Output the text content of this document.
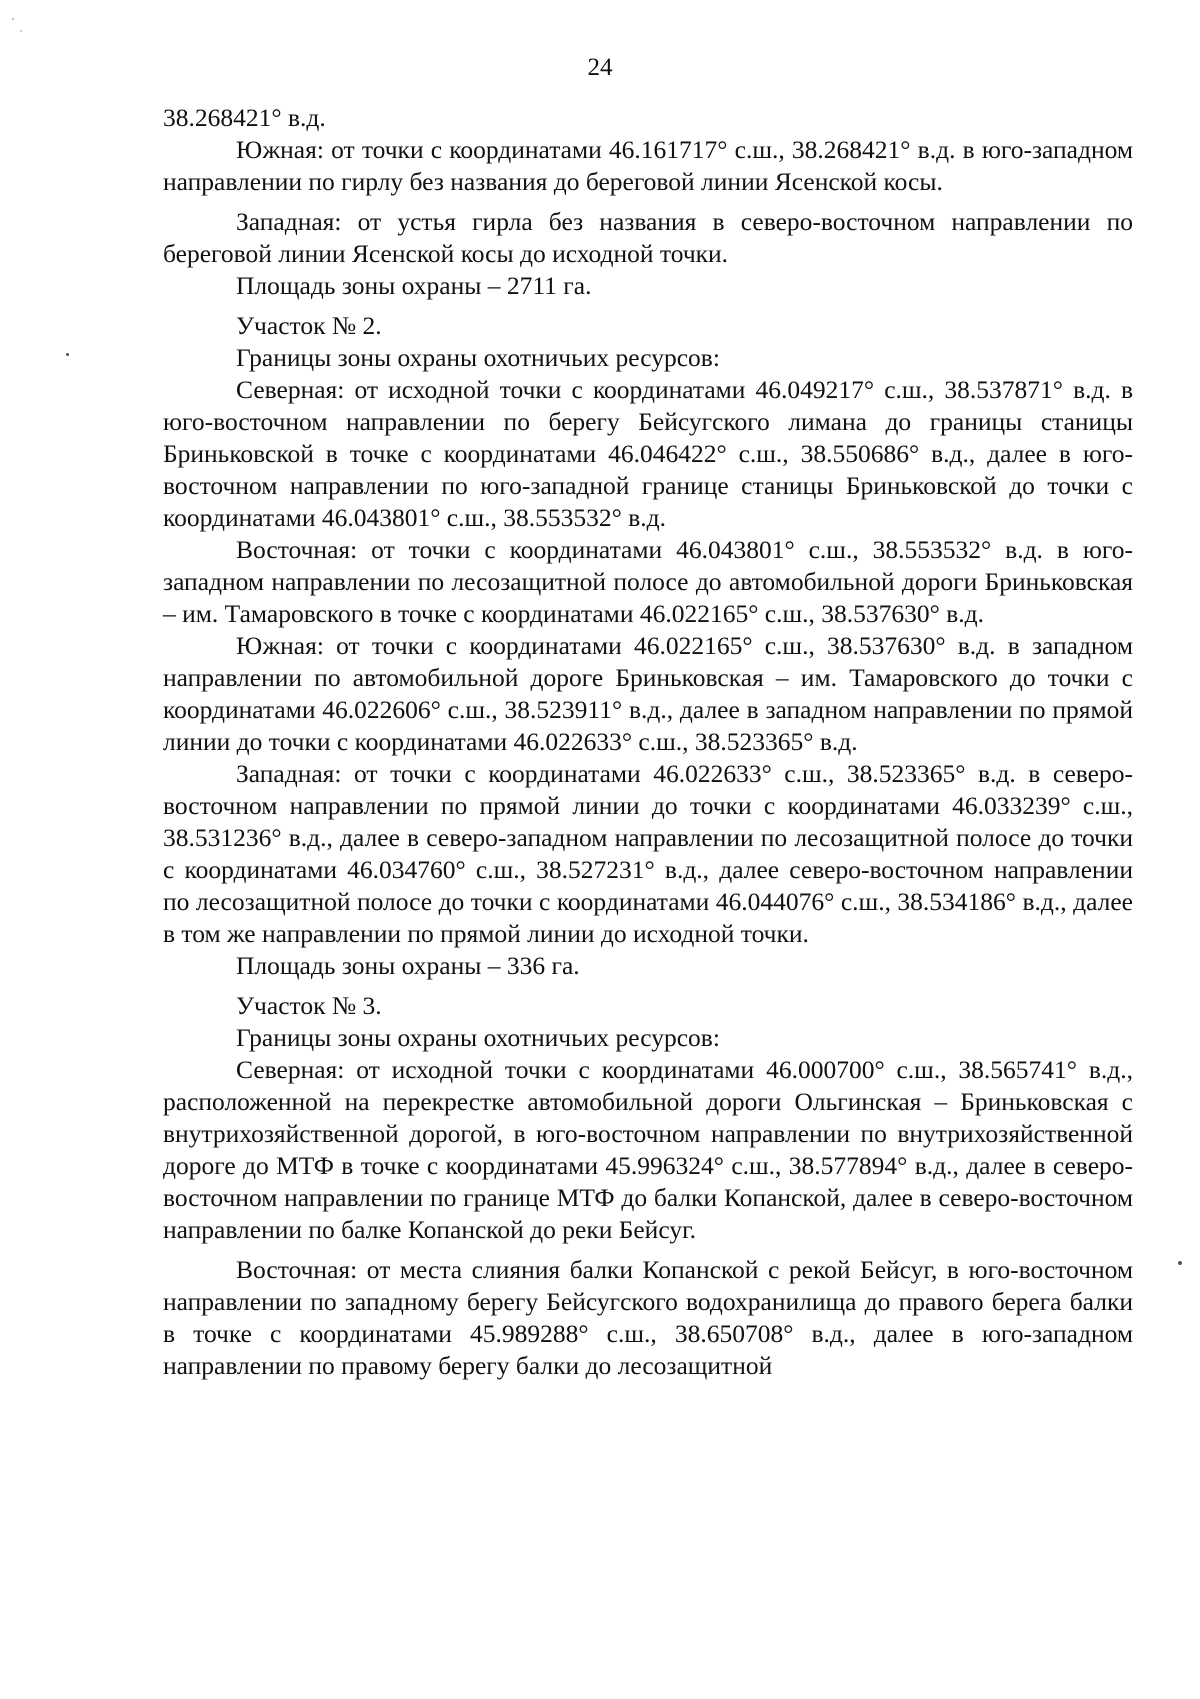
24

38.268421° в.д.

Южная: от точки с координатами 46.161717° с.ш., 38.268421° в.д. в юго-западном направлении по гирлу без названия до береговой линии Ясенской косы.

Западная: от устья гирла без названия в северо-восточном направлении по береговой линии Ясенской косы до исходной точки.

Площадь зоны охраны – 2711 га.

Участок № 2.

Границы зоны охраны охотничьих ресурсов:

Северная: от исходной точки с координатами 46.049217° с.ш., 38.537871° в.д. в юго-восточном направлении по берегу Бейсугского лимана до границы станицы Бриньковской в точке с координатами 46.046422° с.ш., 38.550686° в.д., далее в юго-восточном направлении по юго-западной границе станицы Бриньковской до точки с координатами 46.043801° с.ш., 38.553532° в.д.

Восточная: от точки с координатами 46.043801° с.ш., 38.553532° в.д. в юго-западном направлении по лесозащитной полосе до автомобильной дороги Бриньковская – им. Тамаровского в точке с координатами 46.022165° с.ш., 38.537630° в.д.

Южная: от точки с координатами 46.022165° с.ш., 38.537630° в.д. в западном направлении по автомобильной дороге Бриньковская – им. Тамаровского до точки с координатами 46.022606° с.ш., 38.523911° в.д., далее в западном направлении по прямой линии до точки с координатами 46.022633° с.ш., 38.523365° в.д.

Западная: от точки с координатами 46.022633° с.ш., 38.523365° в.д. в северо-восточном направлении по прямой линии до точки с координатами 46.033239° с.ш., 38.531236° в.д., далее в северо-западном направлении по лесозащитной полосе до точки с координатами 46.034760° с.ш., 38.527231° в.д., далее северо-восточном направлении по лесозащитной полосе до точки с координатами 46.044076° с.ш., 38.534186° в.д., далее в том же направлении по прямой линии до исходной точки.

Площадь зоны охраны – 336 га.

Участок № 3.

Границы зоны охраны охотничьих ресурсов:

Северная: от исходной точки с координатами 46.000700° с.ш., 38.565741° в.д., расположенной на перекрестке автомобильной дороги Ольгинская – Бриньковская с внутрихозяйственной дорогой, в юго-восточном направлении по внутрихозяйственной дороге до МТФ в точке с координатами 45.996324° с.ш., 38.577894° в.д., далее в северо-восточном направлении по границе МТФ до балки Копанской, далее в северо-восточном направлении по балке Копанской до реки Бейсуг.

Восточная: от места слияния балки Копанской с рекой Бейсуг, в юго-восточном направлении по западному берегу Бейсугского водохранилища до правого берега балки в точке с координатами 45.989288° с.ш., 38.650708° в.д., далее в юго-западном направлении по правому берегу балки до лесозащитной
